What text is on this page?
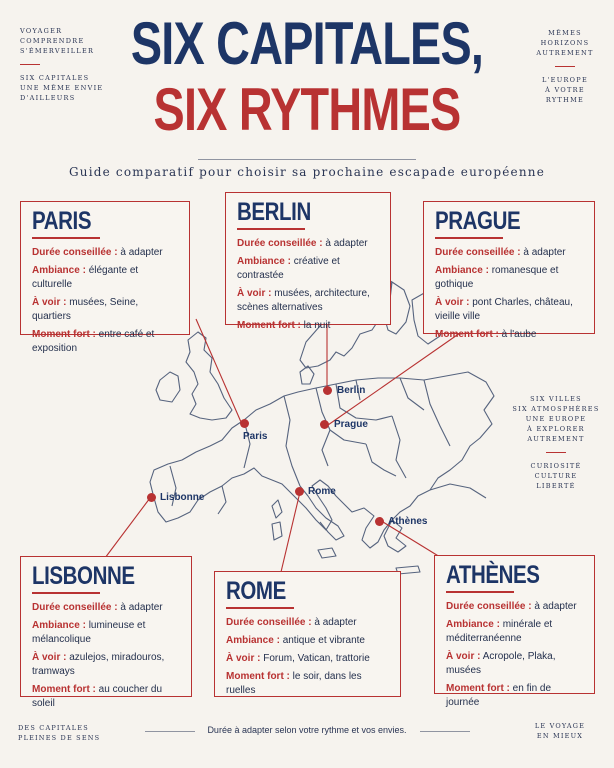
VOYAGER
COMPRENDRE
S'ÉMERVEILLER
SIX CAPITALES
UNE MÊME ENVIE
D'AILLEURS
MÊMES
HORIZONS
AUTREMENT
L'EUROPE
À VOTRE RYTHME
SIX CAPITALES,
SIX RYTHMES
Guide comparatif pour choisir sa prochaine escapade européenne
Paris
Berlin
Prague
Lisbonne
Rome
Athènes
PARIS
Durée conseillée : à adapter
Ambiance : élégante et culturelle
À voir : musées, Seine, quartiers
Moment fort : entre café et exposition
BERLIN
Durée conseillée : à adapter
Ambiance : créative et contrastée
À voir : musées, architecture, scènes alternatives
Moment fort : la nuit
PRAGUE
Durée conseillée : à adapter
Ambiance : romanesque et gothique
À voir : pont Charles, château, vieille ville
Moment fort : à l'aube
SIX VILLES
SIX ATMOSPHÈRES
UNE EUROPE
À EXPLORER
AUTREMENT
CURIOSITÉ
CULTURE
LIBERTÉ
LISBONNE
Durée conseillée : à adapter
Ambiance : lumineuse et mélancolique
À voir : azulejos, miradouros, tramways
Moment fort : au coucher du soleil
ROME
Durée conseillée : à adapter
Ambiance : antique et vibrante
À voir : Forum, Vatican, trattorie
Moment fort : le soir, dans les ruelles
ATHÈNES
Durée conseillée : à adapter
Ambiance : minérale et méditerranéenne
À voir : Acropole, Plaka, musées
Moment fort : en fin de journée
DES CAPITALES
PLEINES DE SENS
Durée à adapter selon votre rythme et vos envies.	LE VOYAGE
EN MIEUX
